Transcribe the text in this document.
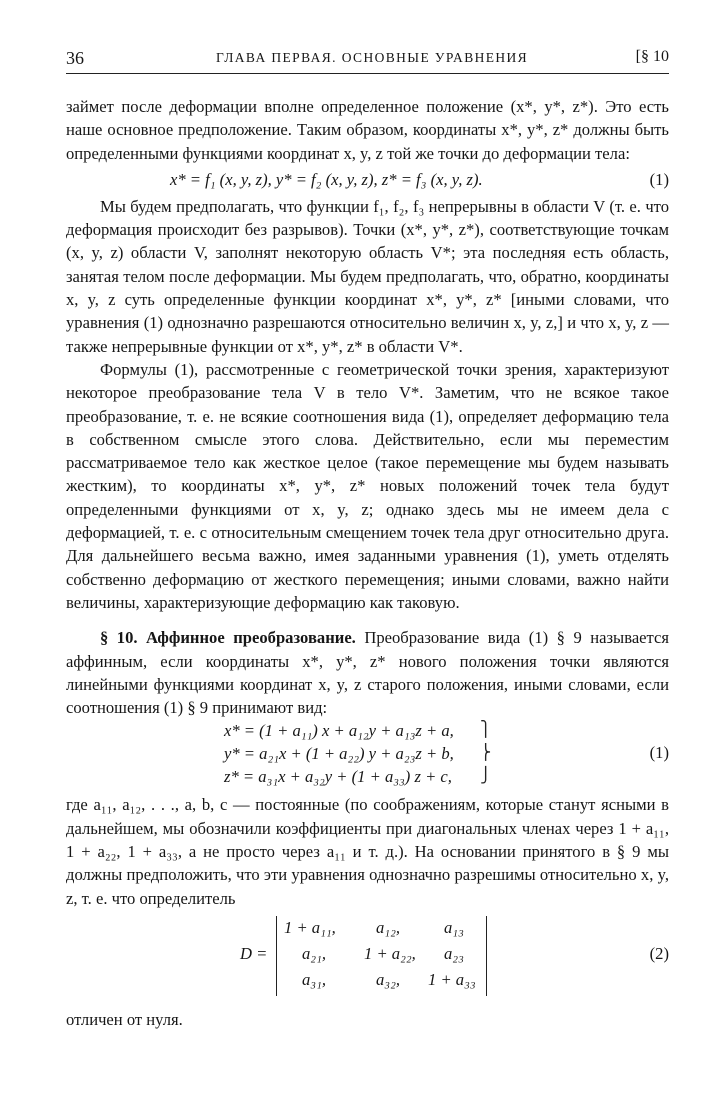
36	ГЛАВА ПЕРВАЯ. ОСНОВНЫЕ УРАВНЕНИЯ	[§ 10

займет после деформации вполне определенное положение (x*, y*, z*). Это есть наше основное предположение. Таким образом, координаты x*, y*, z* должны быть определенными функциями координат x, y, z той же точки до деформации тела:

x* = f₁ (x, y, z), y* = f₂ (x, y, z), z* = f₃ (x, y, z).	(1)

Мы будем предполагать, что функции f₁, f₂, f₃ непрерывны в области V (т. е. что деформация происходит без разрывов). Точки (x*, y*, z*), соответствующие точкам (x, y, z) области V, заполнят некоторую область V*; эта последняя есть область, занятая телом после деформации. Мы будем предполагать, что, обратно, координаты x, y, z суть определенные функции координат x*, y*, z* [иными словами, что уравнения (1) однозначно разрешаются относительно величин x, y, z,] и что x, y, z — также непрерывные функции от x*, y*, z* в области V*.

Формулы (1), рассмотренные с геометрической точки зрения, характеризуют некоторое преобразование тела V в тело V*. Заметим, что не всякое такое преобразование, т. е. не всякие соотношения вида (1), определяет деформацию тела в собственном смысле этого слова. Действительно, если мы переместим рассматриваемое тело как жесткое целое (такое перемещение мы будем называть жестким), то координаты x*, y*, z* новых положений точек тела будут определенными функциями от x, y, z; однако здесь мы не имеем дела с деформацией, т. е. с относительным смещением точек тела друг относительно друга. Для дальнейшего весьма важно, имея заданными уравнения (1), уметь отделять собственно деформацию от жесткого перемещения; иными словами, важно найти величины, характеризующие деформацию как таковую.

§ 10. Аффинное преобразование. Преобразование вида (1) § 9 называется аффинным, если координаты x*, y*, z* нового положения точки являются линейными функциями координат x, y, z старого положения, иными словами, если соотношения (1) § 9 принимают вид:

x* = (1 + a₁₁) x + a₁₂y + a₁₃z + a,
y* = a₂₁x + (1 + a₂₂) y + a₂₃z + b,
z* = a₃₁x + a₃₂y + (1 + a₃₃) z + c,
⎫
⎬
⎭
(1)

где a₁₁, a₁₂, . . ., a, b, c — постоянные (по соображениям, которые станут ясными в дальнейшем, мы обозначили коэффициенты при диагональных членах через 1 + a₁₁, 1 + a₂₂, 1 + a₃₃, а не просто через a₁₁ и т. д.). На основании принятого в § 9 мы должны предположить, что эти уравнения однозначно разрешимы относительно x, y, z, т. е. что определитель

D =
1 + a₁₁, a₁₂,	a₁₃
a₂₁, 1 + a₂₂, a₂₃
a₃₁,	a₃₂, 1 + a₃₃
(2)

отличен от нуля.
